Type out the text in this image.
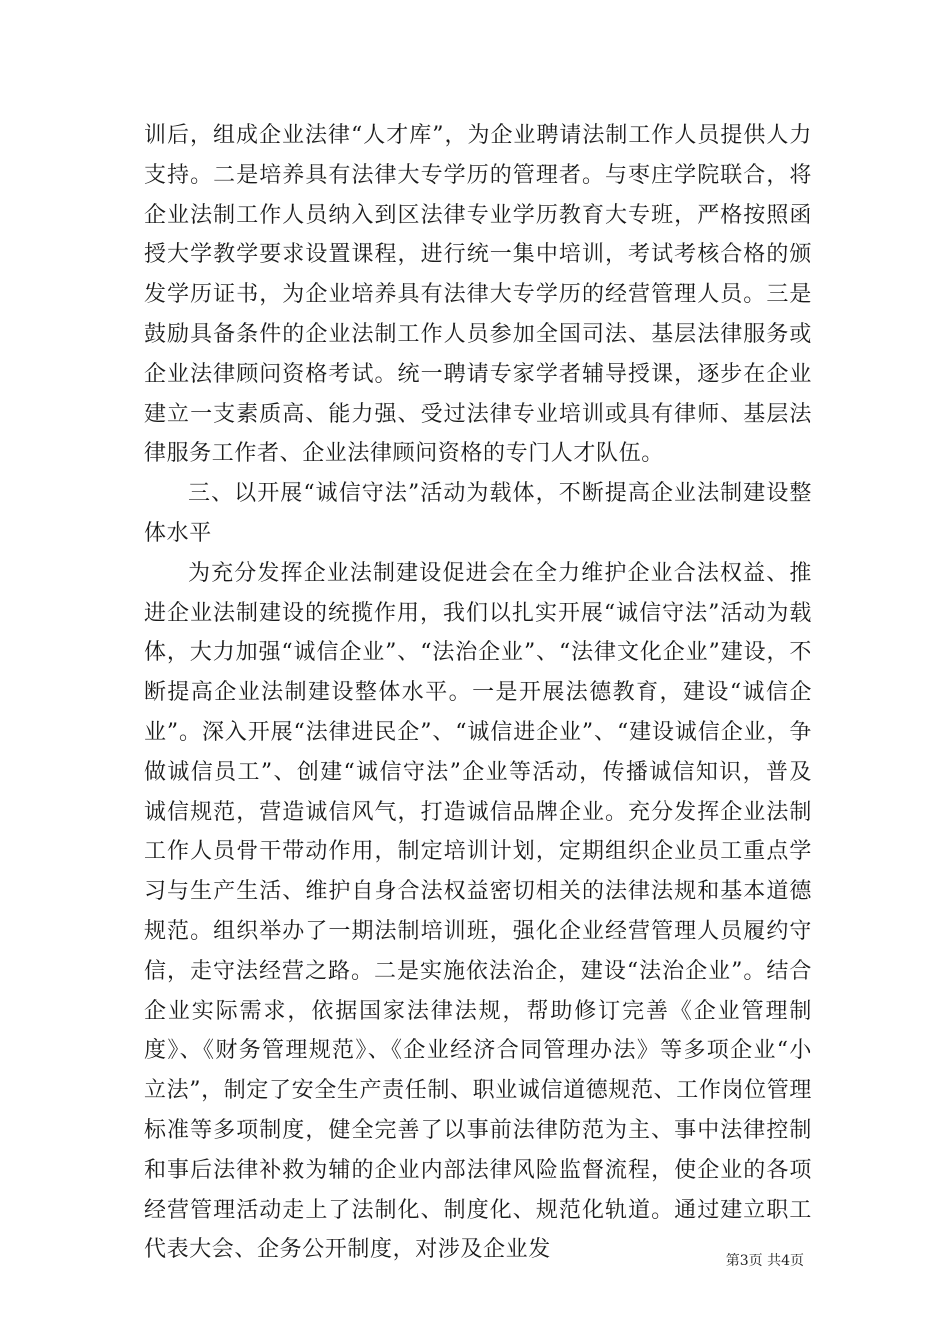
训后，组成企业法律“人才库”，为企业聘请法制工作人员提供人力支持。二是培养具有法律大专学历的管理者。与枣庄学院联合，将企业法制工作人员纳入到区法律专业学历教育大专班，严格按照函授大学教学要求设置课程，进行统一集中培训，考试考核合格的颁发学历证书，为企业培养具有法律大专学历的经营管理人员。三是鼓励具备条件的企业法制工作人员参加全国司法、基层法律服务或企业法律顾问资格考试。统一聘请专家学者辅导授课，逐步在企业建立一支素质高、能力强、受过法律专业培训或具有律师、基层法律服务工作者、企业法律顾问资格的专门人才队伍。

三、以开展“诚信守法”活动为载体，不断提高企业法制建设整体水平

为充分发挥企业法制建设促进会在全力维护企业合法权益、推进企业法制建设的统揽作用，我们以扎实开展“诚信守法”活动为载体，大力加强“诚信企业”、“法治企业”、“法律文化企业”建设，不断提高企业法制建设整体水平。一是开展法德教育，建设“诚信企业”。深入开展“法律进民企”、“诚信进企业”、“建设诚信企业，争做诚信员工”、创建“诚信守法”企业等活动，传播诚信知识，普及诚信规范，营造诚信风气，打造诚信品牌企业。充分发挥企业法制工作人员骨干带动作用，制定培训计划，定期组织企业员工重点学习与生产生活、维护自身合法权益密切相关的法律法规和基本道德规范。组织举办了一期法制培训班，强化企业经营管理人员履约守信，走守法经营之路。二是实施依法治企，建设“法治企业”。结合企业实际需求，依据国家法律法规，帮助修订完善《企业管理制度》、《财务管理规范》、《企业经济合同管理办法》等多项企业“小立法”，制定了安全生产责任制、职业诚信道德规范、工作岗位管理标准等多项制度，健全完善了以事前法律防范为主、事中法律控制和事后法律补救为辅的企业内部法律风险监督流程，使企业的各项经营管理活动走上了法制化、制度化、规范化轨道。通过建立职工代表大会、企务公开制度，对涉及企业发	第3页 共4页
